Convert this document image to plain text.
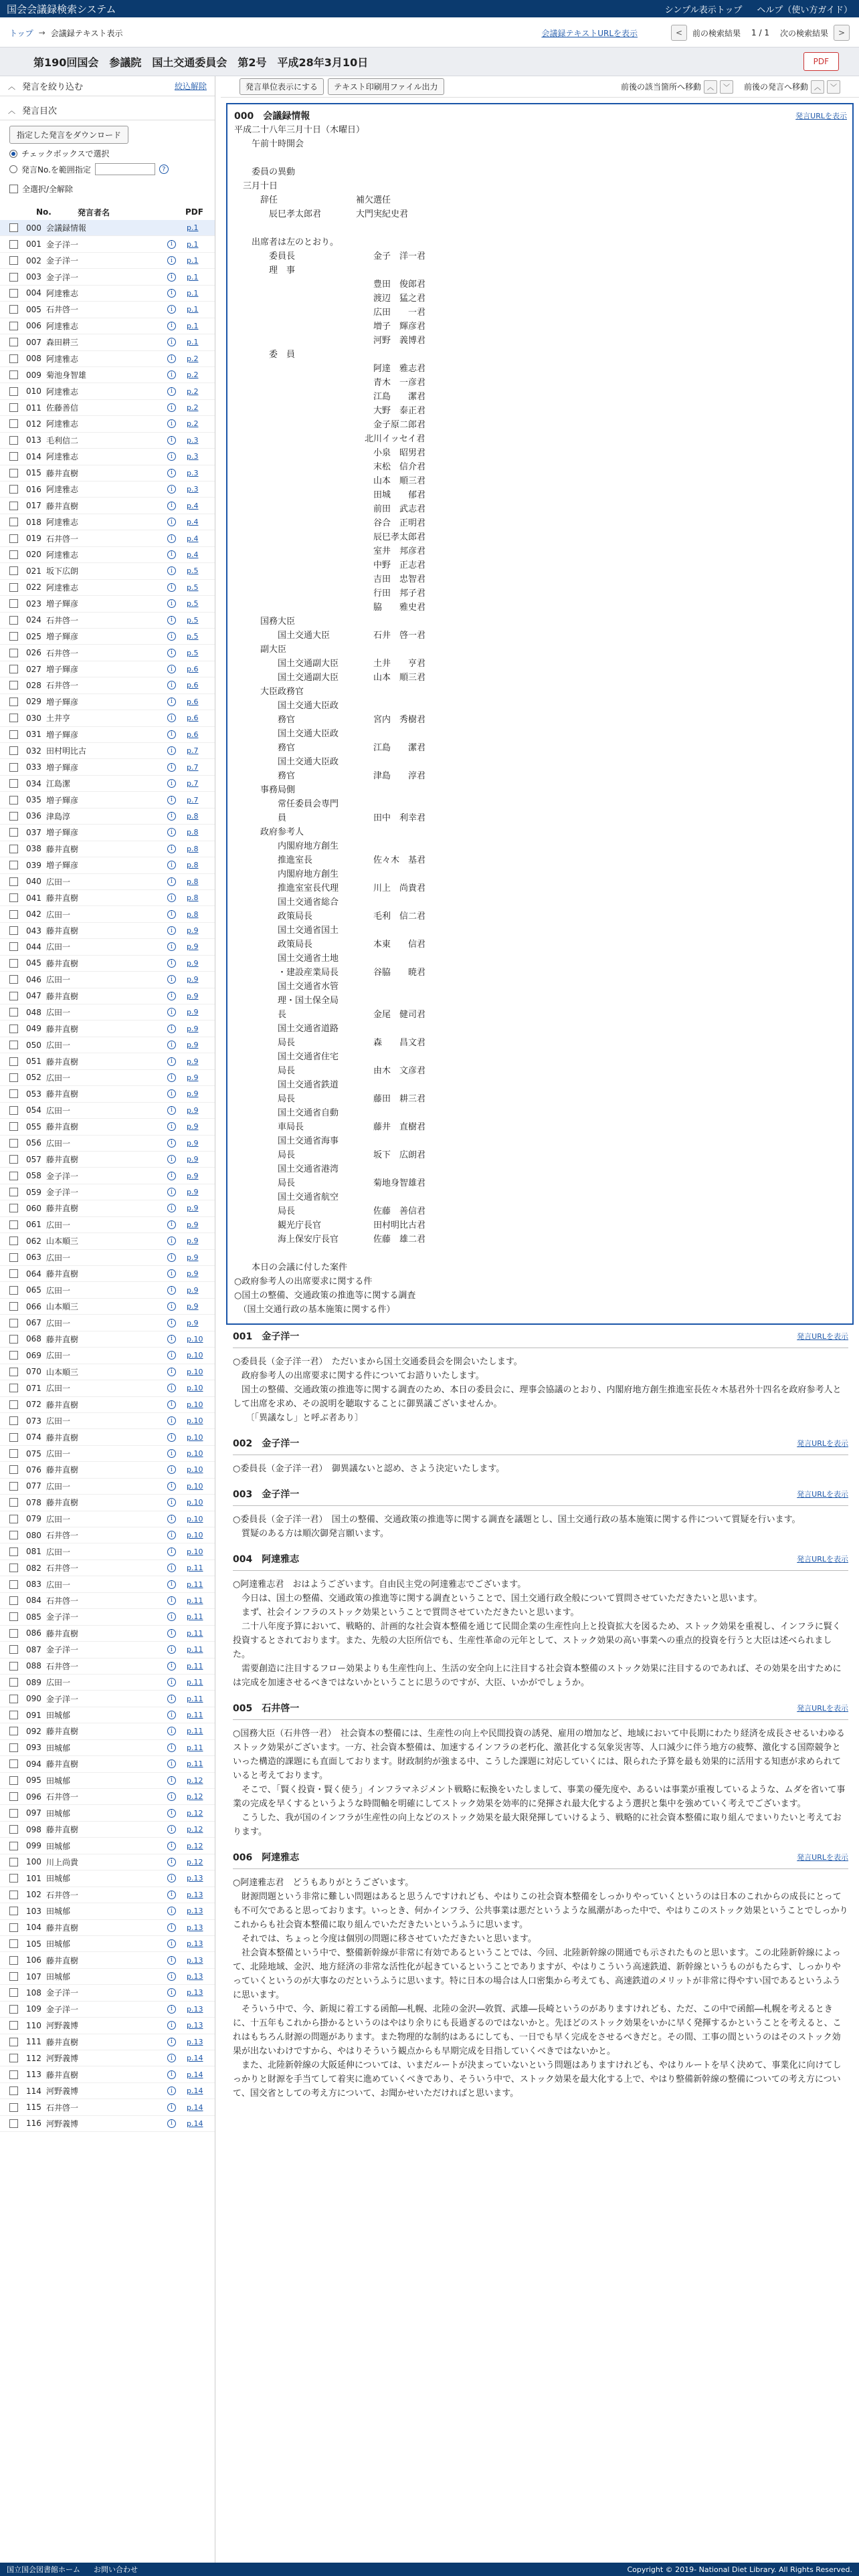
国会会議録検索システム	シンプル表示トップ ヘルプ（使い方ガイド）
トップ → 会議録テキスト表示	会議録テキストURLを表示	< 前の検索結果 1 / 1 次の検索結果 >
第190回国会　参議院　国土交通委員会　第2号　平成28年3月10日	PDF
︿ 発言を絞り込む	絞込解除
︿ 発言目次
指定した発言をダウンロード
チェックボックスで選択
発言No.を範囲指定	?
全選択/全解除
No.	発言者名	PDF
000 会議録情報	p.1
001 金子洋一	i	p.1
002 金子洋一	i	p.1
003 金子洋一	i	p.1
004 阿達雅志	i	p.1
005 石井啓一	i	p.1
006 阿達雅志	i	p.1
007 森田耕三	i	p.1
008 阿達雅志	i	p.2
009 菊池身智雄	i	p.2
010 阿達雅志	i	p.2
011 佐藤善信	i	p.2
012 阿達雅志	i	p.2
013 毛利信二	i	p.3
014 阿達雅志	i	p.3
015 藤井直樹	i	p.3
016 阿達雅志	i	p.3
017 藤井直樹	i	p.4
018 阿達雅志	i	p.4
019 石井啓一	i	p.4
020 阿達雅志	i	p.4
021 坂下広朗	i	p.5
022 阿達雅志	i	p.5
023 増子輝彦	i	p.5
024 石井啓一	i	p.5
025 増子輝彦	i	p.5
026 石井啓一	i	p.5
027 増子輝彦	i	p.6
028 石井啓一	i	p.6
029 増子輝彦	i	p.6
030 土井亨	i	p.6
031 増子輝彦	i	p.6
032 田村明比古	i	p.7
033 増子輝彦	i	p.7
034 江島潔	i	p.7
035 増子輝彦	i	p.7
036 津島淳	i	p.8
037 増子輝彦	i	p.8
038 藤井直樹	i	p.8
039 増子輝彦	i	p.8
040 広田一	i	p.8
041 藤井直樹	i	p.8
042 広田一	i	p.8
043 藤井直樹	i	p.9
044 広田一	i	p.9
045 藤井直樹	i	p.9
046 広田一	i	p.9
047 藤井直樹	i	p.9
048 広田一	i	p.9
049 藤井直樹	i	p.9
050 広田一	i	p.9
051 藤井直樹	i	p.9
052 広田一	i	p.9
053 藤井直樹	i	p.9
054 広田一	i	p.9
055 藤井直樹	i	p.9
056 広田一	i	p.9
057 藤井直樹	i	p.9
058 金子洋一	i	p.9
059 金子洋一	i	p.9
060 藤井直樹	i	p.9
061 広田一	i	p.9
062 山本順三	i	p.9
063 広田一	i	p.9
064 藤井直樹	i	p.9
065 広田一	i	p.9
066 山本順三	i	p.9
067 広田一	i	p.9
068 藤井直樹	i	p.10
069 広田一	i	p.10
070 山本順三	i	p.10
071 広田一	i	p.10
072 藤井直樹	i	p.10
073 広田一	i	p.10
074 藤井直樹	i	p.10
075 広田一	i	p.10
076 藤井直樹	i	p.10
077 広田一	i	p.10
078 藤井直樹	i	p.10
079 広田一	i	p.10
080 石井啓一	i	p.10
081 広田一	i	p.10
082 石井啓一	i	p.11
083 広田一	i	p.11
084 石井啓一	i	p.11
085 金子洋一	i	p.11
086 藤井直樹	i	p.11
087 金子洋一	i	p.11
088 石井啓一	i	p.11
089 広田一	i	p.11
090 金子洋一	i	p.11
091 田城郁	i	p.11
092 藤井直樹	i	p.11
093 田城郁	i	p.11
094 藤井直樹	i	p.11
095 田城郁	i	p.12
096 石井啓一	i	p.12
097 田城郁	i	p.12
098 藤井直樹	i	p.12
099 田城郁	i	p.12
100 川上尚貴	i	p.12
101 田城郁	i	p.13
102 石井啓一	i	p.13
103 田城郁	i	p.13
104 藤井直樹	i	p.13
105 田城郁	i	p.13
106 藤井直樹	i	p.13
107 田城郁	i	p.13
108 金子洋一	i	p.13
109 金子洋一	i	p.13
110 河野義博	i	p.13
111 藤井直樹	i	p.13
112 河野義博	i	p.14
113 藤井直樹	i	p.14
114 河野義博	i	p.14
115 石井啓一	i	p.14
116 河野義博	i	p.14
発言単位表示にする	テキスト印刷用ファイル出力	前後の該当箇所へ移動 ︿ ﹀ 前後の発言へ移動 ︿ ﹀
000 会議録情報	発言URLを表示
平成二十八年三月十日（木曜日）
　　午前十時開会

　　委員の異動
　三月十日
　　　辞任　　　　　　　　　補欠選任
　　　　辰巳孝太郎君　　　　大門実紀史君

　　出席者は左のとおり。
　　　　委員長　　　　　　　　　金子　洋一君
　　　　理　事
　　　　　　　　　　　　　　　　豊田　俊郎君
　　　　　　　　　　　　　　　　渡辺　猛之君
　　　　　　　　　　　　　　　　広田　　一君
　　　　　　　　　　　　　　　　増子　輝彦君
　　　　　　　　　　　　　　　　河野　義博君
　　　　委　員
　　　　　　　　　　　　　　　　阿達　雅志君
　　　　　　　　　　　　　　　　青木　一彦君
　　　　　　　　　　　　　　　　江島　　潔君
　　　　　　　　　　　　　　　　大野　泰正君
　　　　　　　　　　　　　　　　金子原二郎君
　　　　　　　　　　　　　　　北川イッセイ君
　　　　　　　　　　　　　　　　小泉　昭男君
　　　　　　　　　　　　　　　　末松　信介君
　　　　　　　　　　　　　　　　山本　順三君
　　　　　　　　　　　　　　　　田城　　郁君
　　　　　　　　　　　　　　　　前田　武志君
　　　　　　　　　　　　　　　　谷合　正明君
　　　　　　　　　　　　　　　　辰巳孝太郎君
　　　　　　　　　　　　　　　　室井　邦彦君
　　　　　　　　　　　　　　　　中野　正志君
　　　　　　　　　　　　　　　　吉田　忠智君
　　　　　　　　　　　　　　　　行田　邦子君
　　　　　　　　　　　　　　　　脇　　雅史君
　　　国務大臣
　　　　　国土交通大臣　　　　　石井　啓一君
　　　副大臣
　　　　　国土交通副大臣　　　　土井　　亨君
　　　　　国土交通副大臣　　　　山本　順三君
　　　大臣政務官
　　　　　国土交通大臣政
　　　　　務官　　　　　　　　　宮内　秀樹君
　　　　　国土交通大臣政
　　　　　務官　　　　　　　　　江島　　潔君
　　　　　国土交通大臣政
　　　　　務官　　　　　　　　　津島　　淳君
　　　事務局側
　　　　　常任委員会専門
　　　　　員　　　　　　　　　　田中　利幸君
　　　政府参考人
　　　　　内閣府地方創生
　　　　　推進室長　　　　　　　佐々木　基君
　　　　　内閣府地方創生
　　　　　推進室室長代理　　　　川上　尚貴君
　　　　　国土交通省総合
　　　　　政策局長　　　　　　　毛利　信二君
　　　　　国土交通省国土
　　　　　政策局長　　　　　　　本東　　信君
　　　　　国土交通省土地
　　　　　・建設産業局長　　　　谷脇　　暁君
　　　　　国土交通省水管
　　　　　理・国土保全局
　　　　　長　　　　　　　　　　金尾　健司君
　　　　　国土交通省道路
　　　　　局長　　　　　　　　　森　　昌文君
　　　　　国土交通省住宅
　　　　　局長　　　　　　　　　由木　文彦君
　　　　　国土交通省鉄道
　　　　　局長　　　　　　　　　藤田　耕三君
　　　　　国土交通省自動
　　　　　車局長　　　　　　　　藤井　直樹君
　　　　　国土交通省海事
　　　　　局長　　　　　　　　　坂下　広朗君
　　　　　国土交通省港湾
　　　　　局長　　　　　　　　　菊地身智雄君
　　　　　国土交通省航空
　　　　　局長　　　　　　　　　佐藤　善信君
　　　　　観光庁長官　　　　　　田村明比古君
　　　　　海上保安庁長官　　　　佐藤　雄二君

　　本日の会議に付した案件
○政府参考人の出席要求に関する件
○国土の整備、交通政策の推進等に関する調査
　（国土交通行政の基本施策に関する件）
001 金子洋一	発言URLを表示
○委員長（金子洋一君）　ただいまから国土交通委員会を開会いたします。
　政府参考人の出席要求に関する件についてお諮りいたします。
　国土の整備、交通政策の推進等に関する調査のため、本日の委員会に、理事会協議のとおり、内閣府地方創生推進室長佐々木基君外十四名を政府参考人として出席を求め、その説明を聴取することに御異議ございませんか。
　　〔「異議なし」と呼ぶ者あり〕
002 金子洋一	発言URLを表示
○委員長（金子洋一君）　御異議ないと認め、さよう決定いたします。
003 金子洋一	発言URLを表示
○委員長（金子洋一君）　国土の整備、交通政策の推進等に関する調査を議題とし、国土交通行政の基本施策に関する件について質疑を行います。
　質疑のある方は順次御発言願います。
004 阿達雅志	発言URLを表示
○阿達雅志君　おはようございます。自由民主党の阿達雅志でございます。
　今日は、国土の整備、交通政策の推進等に関する調査ということで、国土交通行政全般について質問させていただきたいと思います。
　まず、社会インフラのストック効果ということで質問させていただきたいと思います。
　二十八年度予算において、戦略的、計画的な社会資本整備を通じて民間企業の生産性向上と投資拡大を図るため、ストック効果を重視し、インフラに賢く投資するとされております。また、先般の大臣所信でも、生産性革命の元年として、ストック効果の高い事業への重点的投資を行うと大臣は述べられました。
　需要創造に注目するフロー効果よりも生産性向上、生活の安全向上に注目する社会資本整備のストック効果に注目するのであれば、その効果を出すためには完成を加速させるべきではないかということに思うのですが、大臣、いかがでしょうか。
005 石井啓一	発言URLを表示
○国務大臣（石井啓一君）　社会資本の整備には、生産性の向上や民間投資の誘発、雇用の増加など、地域において中長期にわたり経済を成長させるいわゆるストック効果がございます。一方、社会資本整備は、加速するインフラの老朽化、激甚化する気象災害等、人口減少に伴う地方の疲弊、激化する国際競争といった構造的課題にも直面しております。財政制約が強まる中、こうした課題に対応していくには、限られた予算を最も効果的に活用する知恵が求められていると考えております。
　そこで、「賢く投資・賢く使う」インフラマネジメント戦略に転換をいたしまして、事業の優先度や、あるいは事業が重複しているような、ムダを省いて事業の完成を早くするというような時間軸を明確にしてストック効果を効率的に発揮され最大化するよう選択と集中を強めていく考えでございます。
　こうした、我が国のインフラが生産性の向上などのストック効果を最大限発揮していけるよう、戦略的に社会資本整備に取り組んでまいりたいと考えております。
006 阿達雅志	発言URLを表示
○阿達雅志君　どうもありがとうございます。
　財源問題という非常に難しい問題はあると思うんですけれども、やはりこの社会資本整備をしっかりやっていくというのは日本のこれからの成長にとっても不可欠であると思っております。いっとき、何かインフラ、公共事業は悪だというような風潮があった中で、やはりこのストック効果ということでしっかりこれからも社会資本整備に取り組んでいただきたいというふうに思います。
　それでは、ちょっと今度は個別の問題に移させていただきたいと思います。
　社会資本整備という中で、整備新幹線が非常に有効であるということでは、今回、北陸新幹線の開通でも示されたものと思います。この北陸新幹線によって、北陸地域、金沢、地方経済の非常な活性化が起きているということでありますが、やはりこういう高速鉄道、新幹線というものがもたらす、しっかりやっていくというのが大事なのだというふうに思います。特に日本の場合は人口密集から考えても、高速鉄道のメリットが非常に得やすい国であるというふうに思います。
　そういう中で、今、新規に着工する函館―札幌、北陸の金沢―敦賀、武雄―長崎というのがありますけれども、ただ、この中で函館―札幌を考えるときに、十五年もこれから掛かるというのはやはり余りにも長過ぎるのではないかと。先ほどのストック効果をいかに早く発揮するかということを考えると、これはもちろん財源の問題があります。また物理的な制約はあるにしても、一日でも早く完成をさせるべきだと。その間、工事の間というのはそのストック効果が出ないわけですから、やはりそういう観点からも早期完成を目指していくべきではないかと。
　また、北陸新幹線の大阪延伸については、いまだルートが決まっていないという問題はありますけれども、やはりルートを早く決めて、事業化に向けてしっかりと財源を手当てして着実に進めていくべきであり、そういう中で、ストック効果を最大化する上で、やはり整備新幹線の整備についての考え方について、国交省としての考え方について、お聞かせいただければと思います。
国立国会図書館ホーム お問い合わせ	Copyright © 2019- National Diet Library. All Rights Reserved.
